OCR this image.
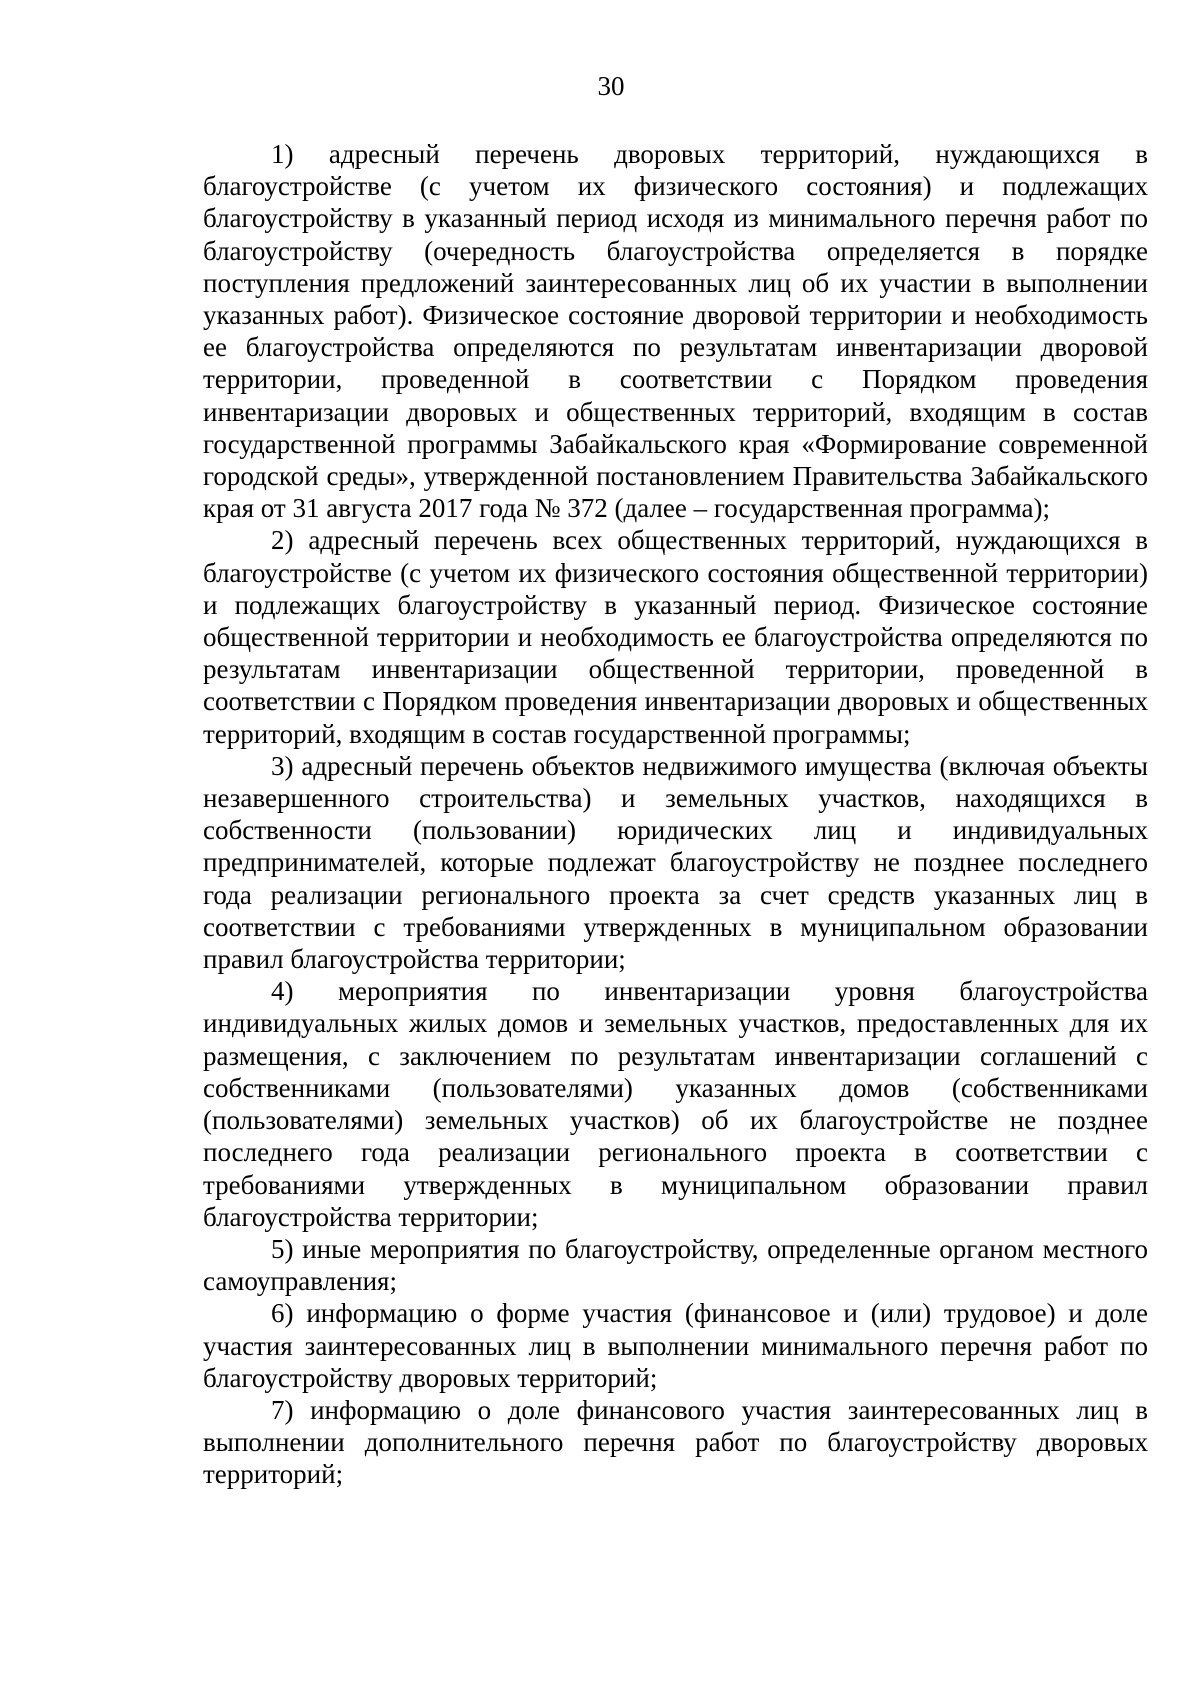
30

1) адресный перечень дворовых территорий, нуждающихся в благоустройстве (с учетом их физического состояния) и подлежащих благоустройству в указанный период исходя из минимального перечня работ по благоустройству (очередность благоустройства определяется в порядке поступления предложений заинтересованных лиц об их участии в выполнении указанных работ). Физическое состояние дворовой территории и необходимость ее благоустройства определяются по результатам инвентаризации дворовой территории, проведенной в соответствии с Порядком проведения инвентаризации дворовых и общественных территорий, входящим в состав государственной программы Забайкальского края «Формирование современной городской среды», утвержденной постановлением Правительства Забайкальского края от 31 августа 2017 года № 372 (далее – государственная программа);

2) адресный перечень всех общественных территорий, нуждающихся в благоустройстве (с учетом их физического состояния общественной территории) и подлежащих благоустройству в указанный период. Физическое состояние общественной территории и необходимость ее благоустройства определяются по результатам инвентаризации общественной территории, проведенной в соответствии с Порядком проведения инвентаризации дворовых и общественных территорий, входящим в состав государственной программы;

3) адресный перечень объектов недвижимого имущества (включая объекты незавершенного строительства) и земельных участков, находящихся в собственности (пользовании) юридических лиц и индивидуальных предпринимателей, которые подлежат благоустройству не позднее последнего года реализации регионального проекта за счет средств указанных лиц в соответствии с требованиями утвержденных в муниципальном образовании правил благоустройства территории;

4) мероприятия по инвентаризации уровня благоустройства индивидуальных жилых домов и земельных участков, предоставленных для их размещения, с заключением по результатам инвентаризации соглашений с собственниками (пользователями) указанных домов (собственниками (пользователями) земельных участков) об их благоустройстве не позднее последнего года реализации регионального проекта в соответствии с требованиями утвержденных в муниципальном образовании правил благоустройства территории;

5) иные мероприятия по благоустройству, определенные органом местного самоуправления;

6) информацию о форме участия (финансовое и (или) трудовое) и доле участия заинтересованных лиц в выполнении минимального перечня работ по благоустройству дворовых территорий;

7) информацию о доле финансового участия заинтересованных лиц в выполнении дополнительного перечня работ по благоустройству дворовых территорий;
